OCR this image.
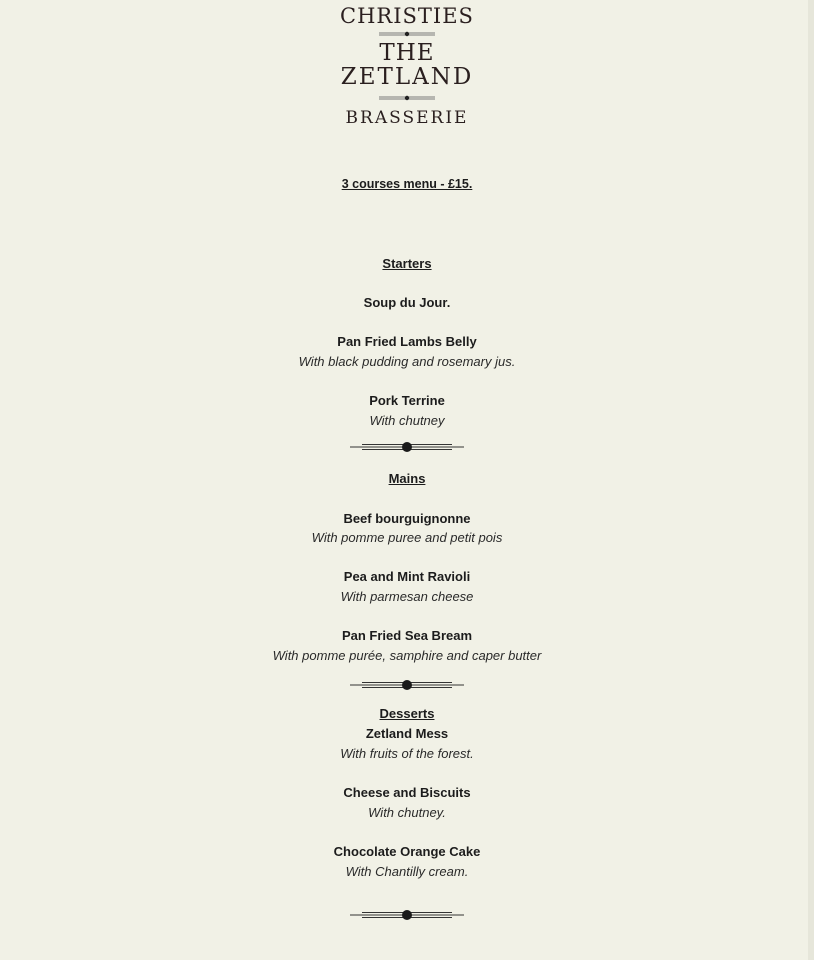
CHRISTIES
THE
ZETLAND
BRASSERIE
3 courses menu - £15.
Starters
Soup du Jour.
Pan Fried Lambs Belly
With black pudding and rosemary jus.
Pork Terrine
With chutney
Mains
Beef bourguignonne
With pomme puree and petit pois
Pea and Mint Ravioli
With parmesan cheese
Pan Fried Sea Bream
With pomme purée, samphire and caper butter
Desserts
Zetland Mess
With fruits of the forest.
Cheese and Biscuits
With chutney.
Chocolate Orange Cake
With Chantilly cream.
